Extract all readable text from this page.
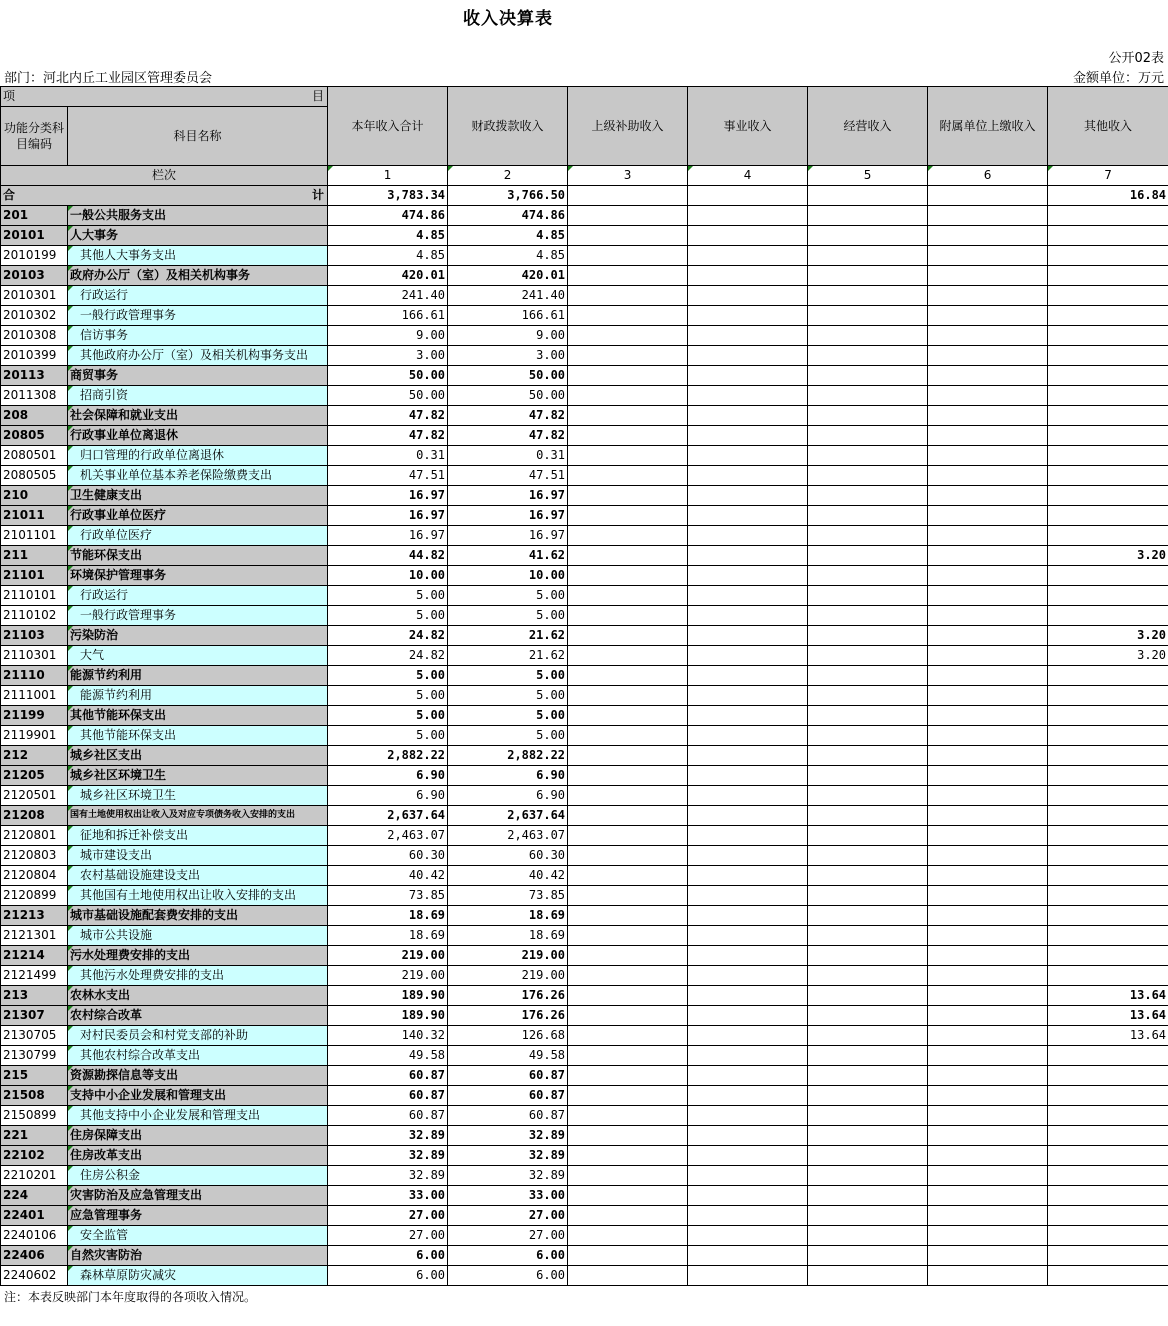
收入决算表
公开02表
部门：河北内丘工业园区管理委员会	金额单位：万元
项 目		本年收入合计	财政拨款收入	上级补助收入	事业收入	经营收入	附属单位上缴收入	其他收入
功能分类科目编码	科目名称							
栏次		1	2	3	4	5	6	7
合 计		3,783.34	3,766.50					16.84
201	一般公共服务支出	474.86	474.86					
20101	人大事务	4.85	4.85					
2010199	其他人大事务支出	4.85	4.85					
20103	政府办公厅（室）及相关机构事务	420.01	420.01					
2010301	行政运行	241.40	241.40					
2010302	一般行政管理事务	166.61	166.61					
2010308	信访事务	9.00	9.00					
2010399	其他政府办公厅（室）及相关机构事务支出	3.00	3.00					
20113	商贸事务	50.00	50.00					
2011308	招商引资	50.00	50.00					
208	社会保障和就业支出	47.82	47.82					
20805	行政事业单位离退休	47.82	47.82					
2080501	归口管理的行政单位离退休	0.31	0.31					
2080505	机关事业单位基本养老保险缴费支出	47.51	47.51					
210	卫生健康支出	16.97	16.97					
21011	行政事业单位医疗	16.97	16.97					
2101101	行政单位医疗	16.97	16.97					
211	节能环保支出	44.82	41.62					3.20
21101	环境保护管理事务	10.00	10.00					
2110101	行政运行	5.00	5.00					
2110102	一般行政管理事务	5.00	5.00					
21103	污染防治	24.82	21.62					3.20
2110301	大气	24.82	21.62					3.20
21110	能源节约利用	5.00	5.00					
2111001	能源节约利用	5.00	5.00					
21199	其他节能环保支出	5.00	5.00					
2119901	其他节能环保支出	5.00	5.00					
212	城乡社区支出	2,882.22	2,882.22					
21205	城乡社区环境卫生	6.90	6.90					
2120501	城乡社区环境卫生	6.90	6.90					
21208	国有土地使用权出让收入及对应专项债务收入安排的支出	2,637.64	2,637.64					
2120801	征地和拆迁补偿支出	2,463.07	2,463.07					
2120803	城市建设支出	60.30	60.30					
2120804	农村基础设施建设支出	40.42	40.42					
2120899	其他国有土地使用权出让收入安排的支出	73.85	73.85					
21213	城市基础设施配套费安排的支出	18.69	18.69					
2121301	城市公共设施	18.69	18.69					
21214	污水处理费安排的支出	219.00	219.00					
2121499	其他污水处理费安排的支出	219.00	219.00					
213	农林水支出	189.90	176.26					13.64
21307	农村综合改革	189.90	176.26					13.64
2130705	对村民委员会和村党支部的补助	140.32	126.68					13.64
2130799	其他农村综合改革支出	49.58	49.58					
215	资源勘探信息等支出	60.87	60.87					
21508	支持中小企业发展和管理支出	60.87	60.87					
2150899	其他支持中小企业发展和管理支出	60.87	60.87					
221	住房保障支出	32.89	32.89					
22102	住房改革支出	32.89	32.89					
2210201	住房公积金	32.89	32.89					
224	灾害防治及应急管理支出	33.00	33.00					
22401	应急管理事务	27.00	27.00					
2240106	安全监管	27.00	27.00					
22406	自然灾害防治	6.00	6.00					
2240602	森林草原防灾减灾	6.00	6.00					
注：本表反映部门本年度取得的各项收入情况。
